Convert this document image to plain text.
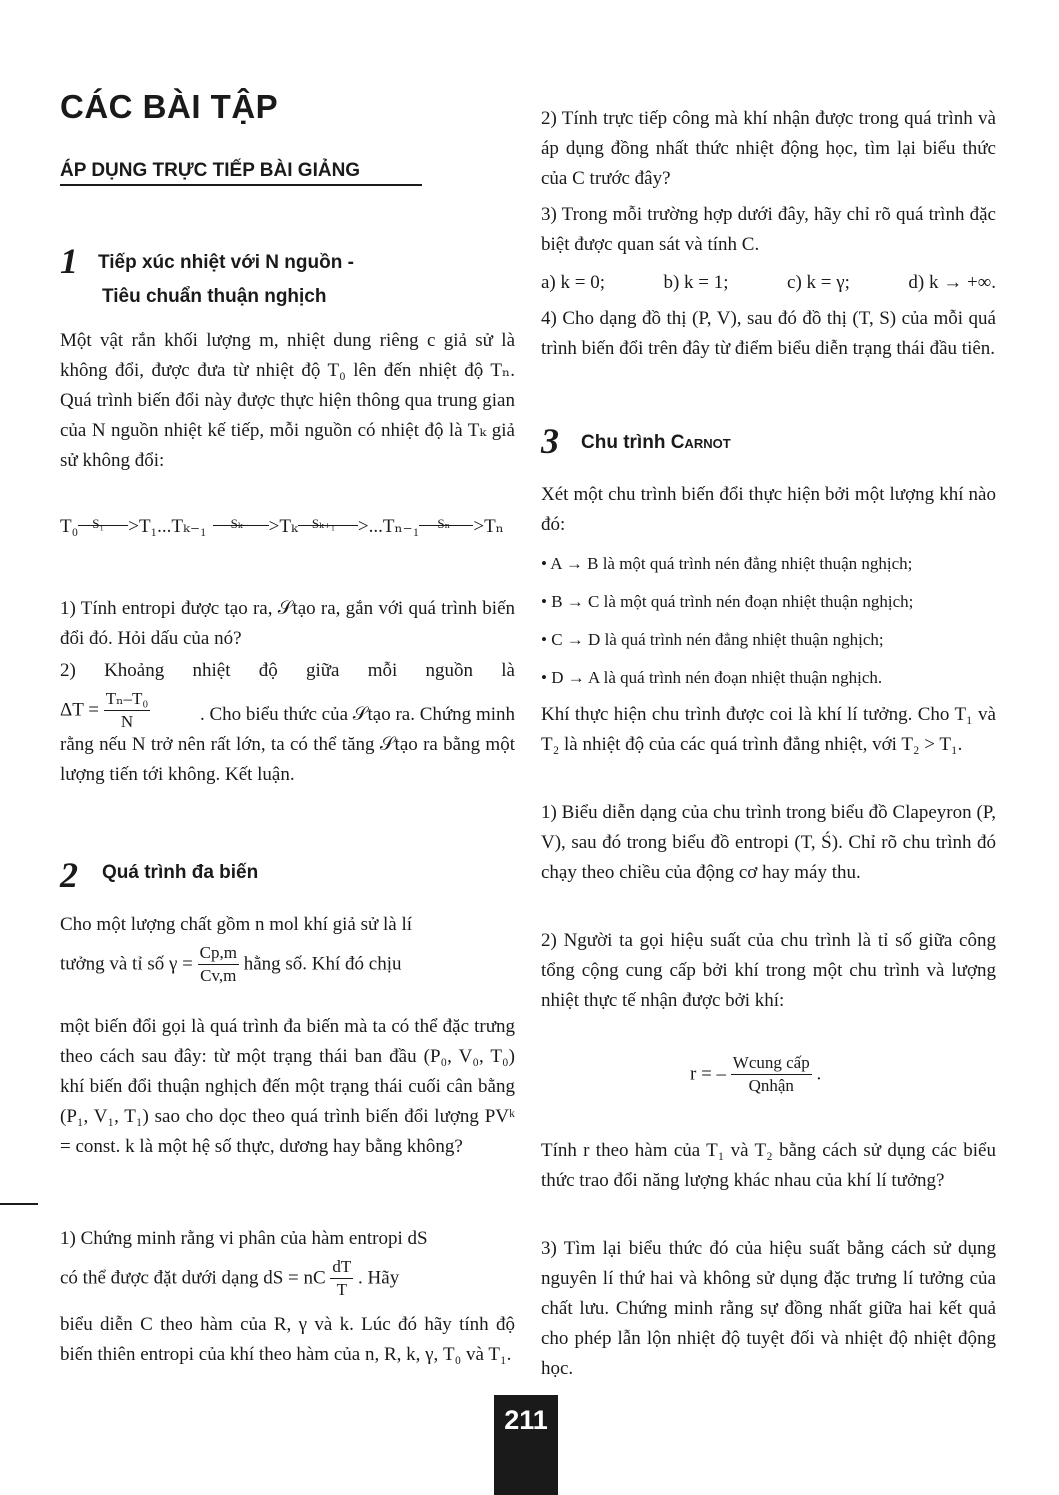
CÁC BÀI TẬP
ÁP DỤNG TRỰC TIẾP BÀI GIẢNG
1 Tiếp xúc nhiệt với N nguồn -
Tiêu chuẩn thuận nghịch
Một vật rắn khối lượng m, nhiệt dung riêng c giả sử là không đổi, được đưa từ nhiệt độ T₀ lên đến nhiệt độ Tₙ. Quá trình biến đổi này được thực hiện thông qua trung gian của N nguồn nhiệt kế tiếp, mỗi nguồn có nhiệt độ là Tₖ giả sử không đổi:
T₀ S₁ >T₁...Tₖ₋₁ Sₖ >Tₖ Sₖ₊₁ >...Tₙ₋₁ Sₙ >Tₙ
1) Tính entropi được tạo ra, 𝒮tạo ra, gắn với quá trình biến đổi đó. Hỏi dấu của nó?
2) Khoảng nhiệt độ giữa mỗi nguồn là
$\Delta T = \frac{\text{Tₙ–T₀}}{N}$	. Cho biểu thức của 𝒮tạo ra. Chứng minh rằng nếu N trở nên rất lớn, ta có thể tăng 𝒮tạo ra bằng một lượng tiến tới không. Kết luận.
2 Quá trình đa biến
Cho một lượng chất gồm n mol khí giả sử là lí
tưởng và tỉ số $\gamma = \frac{Cp,m}{Cv,m}$ hằng số. Khí đó chịu
một biến đổi gọi là quá trình đa biến mà ta có thể đặc trưng theo cách sau đây: từ một trạng thái ban đầu (P₀, V₀, T₀) khí biến đổi thuận nghịch đến một trạng thái cuối cân bằng (P₁, V₁, T₁) sao cho dọc theo quá trình biến đổi lượng PVᵏ = const. k là một hệ số thực, dương hay bằng không?
1) Chứng minh rằng vi phân của hàm entropi dS
có thể được đặt dưới dạng dS = nC $\frac{dT}{T}$ . Hãy
biểu diễn C theo hàm của R, γ và k. Lúc đó hãy tính độ biến thiên entropi của khí theo hàm của n, R, k, γ, T₀ và T₁.
2) Tính trực tiếp công mà khí nhận được trong quá trình và áp dụng đồng nhất thức nhiệt động học, tìm lại biểu thức của C trước đây?
3) Trong mỗi trường hợp dưới đây, hãy chỉ rõ quá trình đặc biệt được quan sát và tính C.
a) k = 0;	b) k = 1;	c) k = γ;	d) k → +∞.
4) Cho dạng đồ thị (P, V), sau đó đồ thị (T, S) của mỗi quá trình biến đổi trên đây từ điểm biểu diễn trạng thái đầu tiên.
3 Chu trình Carnot
Xét một chu trình biến đổi thực hiện bởi một lượng khí nào đó:
• A → B là một quá trình nén đẳng nhiệt thuận nghịch;
• B → C là một quá trình nén đoạn nhiệt thuận nghịch;
• C → D là quá trình nén đẳng nhiệt thuận nghịch;
• D → A là quá trình nén đoạn nhiệt thuận nghịch.
Khí thực hiện chu trình được coi là khí lí tưởng. Cho T₁ và T₂ là nhiệt độ của các quá trình đẳng nhiệt, với T₂ > T₁.
1) Biểu diễn dạng của chu trình trong biểu đồ Clapeyron (P, V), sau đó trong biểu đồ entropi (T, Ś). Chỉ rõ chu trình đó chạy theo chiều của động cơ hay máy thu.
2) Người ta gọi hiệu suất của chu trình là tỉ số giữa công tổng cộng cung cấp bởi khí trong một chu trình và lượng nhiệt thực tế nhận được bởi khí:
r = – $\frac{\text{Wcung cấp}}{\text{Qnhận}}$ .
Tính r theo hàm của T₁ và T₂ bằng cách sử dụng các biểu thức trao đổi năng lượng khác nhau của khí lí tưởng?
3) Tìm lại biểu thức đó của hiệu suất bằng cách sử dụng nguyên lí thứ hai và không sử dụng đặc trưng lí tưởng của chất lưu. Chứng minh rằng sự đồng nhất giữa hai kết quả cho phép lẫn lộn nhiệt độ tuyệt đối và nhiệt độ nhiệt động học.
211
